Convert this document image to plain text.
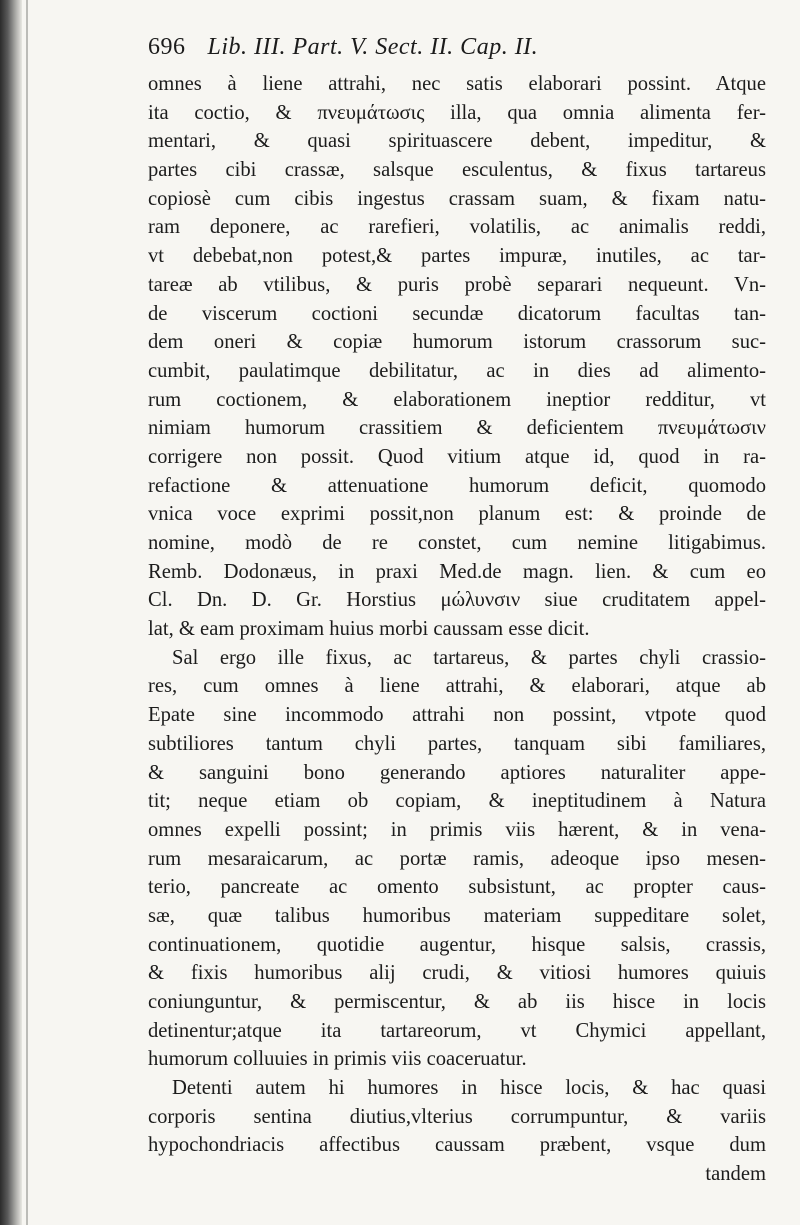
696 Lib. III. Part. V. Sect. II. Cap. II.
omnes à liene attrahi, nec satis elaborari possint. Atque
ita coctio, & πνευμάτωσις illa, qua omnia alimenta fer-
mentari, & quasi spirituascere debent, impeditur, &
partes cibi crassæ, salsque esculentus, & fixus tartareus
copiosè cum cibis ingestus crassam suam, & fixam natu-
ram deponere, ac rarefieri, volatilis, ac animalis reddi,
vt debebat,non potest,& partes impuræ, inutiles, ac tar-
tareæ ab vtilibus, & puris probè separari nequeunt. Vn-
de viscerum coctioni secundæ dicatorum facultas tan-
dem oneri & copiæ humorum istorum crassorum suc-
cumbit, paulatimque debilitatur, ac in dies ad alimento-
rum coctionem, & elaborationem ineptior redditur, vt
nimiam humorum crassitiem & deficientem πνευμάτωσιν
corrigere non possit. Quod vitium atque id, quod in ra-
refactione & attenuatione humorum deficit, quomodo
vnica voce exprimi possit,non planum est: & proinde de
nomine, modò de re constet, cum nemine litigabimus.
Remb. Dodonæus, in praxi Med.de magn. lien. & cum eo
Cl. Dn. D. Gr. Horstius μώλυνσιν siue cruditatem appel-
lat, & eam proximam huius morbi caussam esse dicit.
Sal ergo ille fixus, ac tartareus, & partes chyli crassio-
res, cum omnes à liene attrahi, & elaborari, atque ab
Epate sine incommodo attrahi non possint, vtpote quod
subtiliores tantum chyli partes, tanquam sibi familiares,
& sanguini bono generando aptiores naturaliter appe-
tit; neque etiam ob copiam, & ineptitudinem à Natura
omnes expelli possint; in primis viis hærent, & in vena-
rum mesaraicarum, ac portæ ramis, adeoque ipso mesen-
terio, pancreate ac omento subsistunt, ac propter caus-
sæ, quæ talibus humoribus materiam suppeditare solet,
continuationem, quotidie augentur, hisque salsis, crassis,
& fixis humoribus alij crudi, & vitiosi humores quiuis
coniunguntur, & permiscentur, & ab iis hisce in locis
detinentur;atque ita tartareorum, vt Chymici appellant,
humorum colluuies in primis viis coaceruatur.
Detenti autem hi humores in hisce locis, & hac quasi
corporis sentina diutius,vlterius corrumpuntur, & variis
hypochondriacis affectibus caussam præbent, vsque dum
tandem
